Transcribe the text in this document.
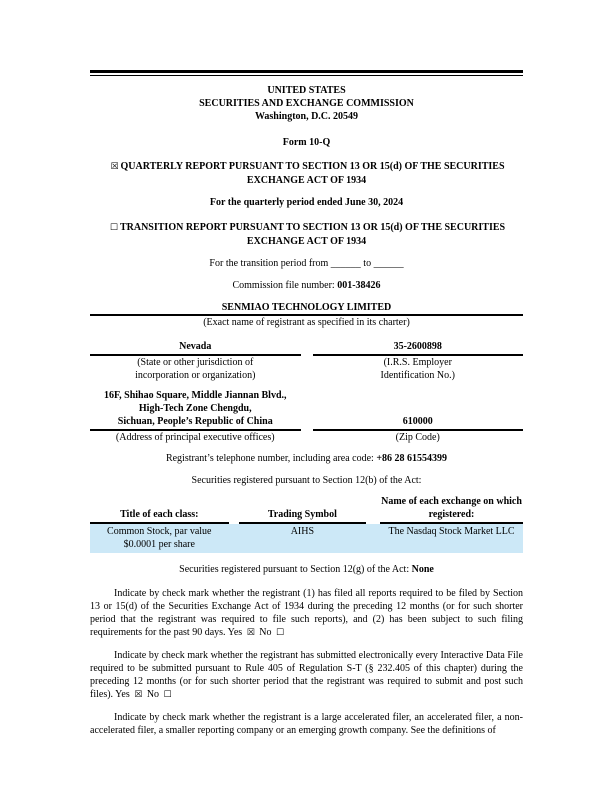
UNITED STATES
SECURITIES AND EXCHANGE COMMISSION
Washington, D.C. 20549
Form 10-Q
☒ QUARTERLY REPORT PURSUANT TO SECTION 13 OR 15(d) OF THE SECURITIES EXCHANGE ACT OF 1934
For the quarterly period ended June 30, 2024
☐ TRANSITION REPORT PURSUANT TO SECTION 13 OR 15(d) OF THE SECURITIES EXCHANGE ACT OF 1934
For the transition period from ______ to ______
Commission file number: 001-38426
SENMIAO TECHNOLOGY LIMITED
(Exact name of registrant as specified in its charter)
Nevada
(State or other jurisdiction of
incorporation or organization)
35-2600898
(I.R.S. Employer
Identification No.)
16F, Shihao Square, Middle Jiannan Blvd.,
High-Tech Zone Chengdu,
Sichuan, People’s Republic of China
(Address of principal executive offices)
610000
(Zip Code)
Registrant’s telephone number, including area code: +86 28 61554399
Securities registered pursuant to Section 12(b) of the Act:
Title of each class:	Trading Symbol
Name of each exchange on which registered:
Common Stock, par value $0.0001 per share
AIHS	The Nasdaq Stock Market LLC
Securities registered pursuant to Section 12(g) of the Act: None
Indicate by check mark whether the registrant (1) has filed all reports required to be filed by Section 13 or 15(d) of the Securities Exchange Act of 1934 during the preceding 12 months (or for such shorter period that the registrant was required to file such reports), and (2) has been subject to such filing requirements for the past 90 days. Yes ☒ No ☐
Indicate by check mark whether the registrant has submitted electronically every Interactive Data File required to be submitted pursuant to Rule 405 of Regulation S-T (§ 232.405 of this chapter) during the preceding 12 months (or for such shorter period that the registrant was required to submit and post such files). Yes ☒ No ☐
Indicate by check mark whether the registrant is a large accelerated filer, an accelerated filer, a non-accelerated filer, a smaller reporting company or an emerging growth company. See the definitions of
